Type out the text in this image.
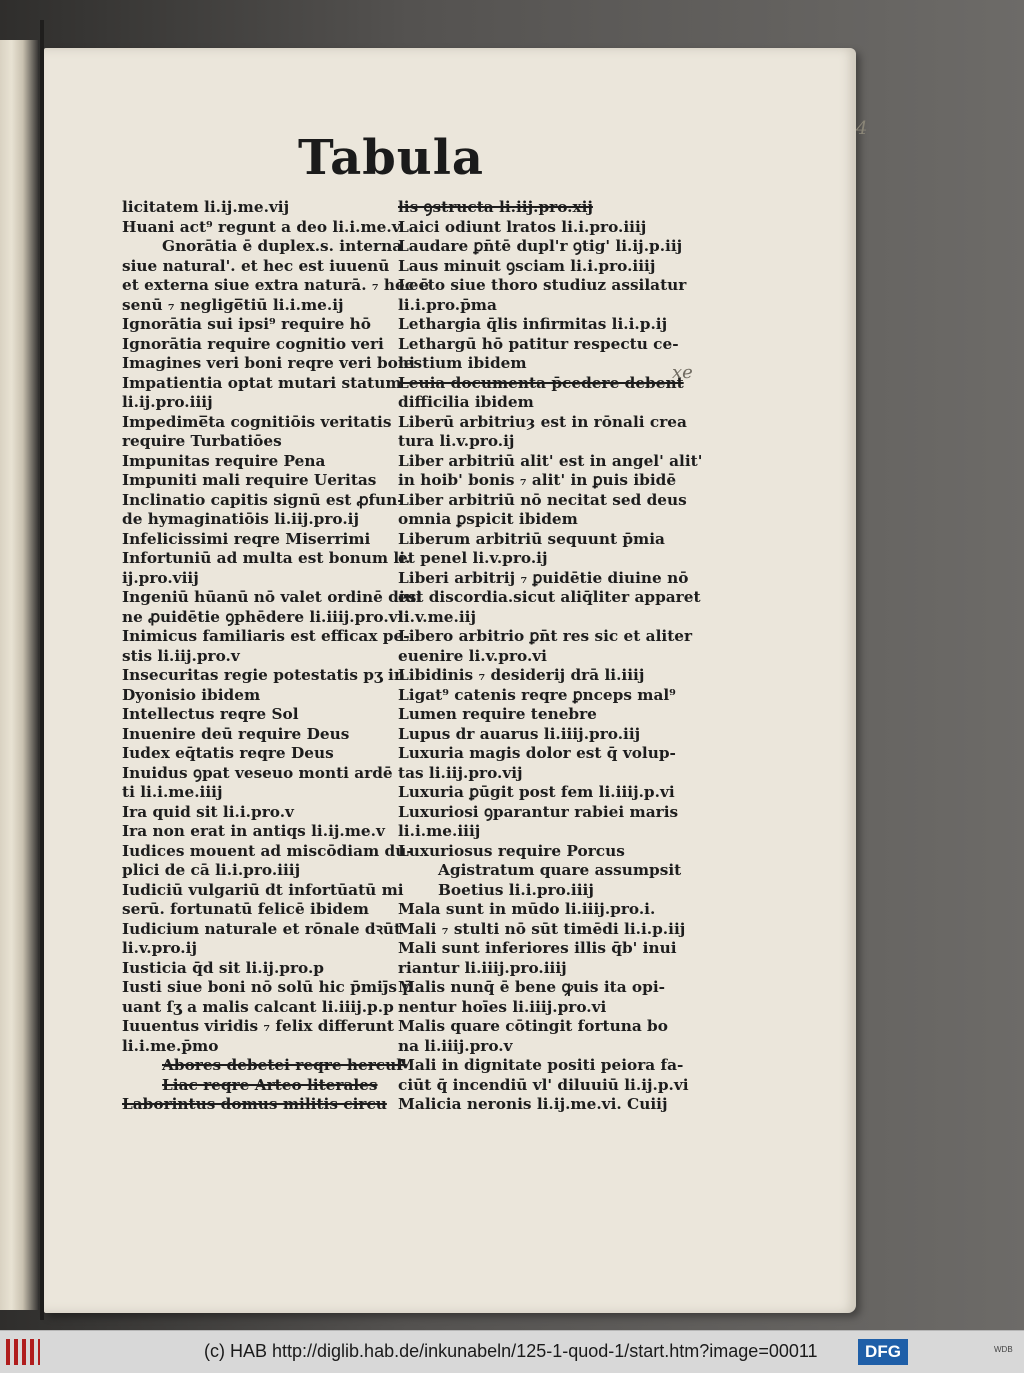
4
Tabula
licitatem li.ij.me.vij
Huani act⁹ regunt a deo li.i.me.v
Gnorātia ē duplex.s. interna
siue natural'. et hec est iuuenū
et externa siue extra naturā. ₇ hec ē
senū ₇ neglige̅tiū li.i.me.ij
Ignorātia sui ipsi⁹ require hō
Ignorātia require cognitio veri
Imagines veri boni reqre veri boni
Impatientia optat mutari statum
li.ij.pro.iiij
Impedime̅ta cognitiōis veritatis
require Turbatiōes
Impunitas require Pena
Impuniti mali require Ueritas
Inclinatio capitis signū est ꝓfun-
de hymaginatiōis li.iij.pro.ij
Infelicissimi reqre Miserrimi
Infortuniū ad multa est bonum li.
ij.pro.viij
Ingeniū hūanū nō valet ordinē diui
ne ꝓuidētie ꝯphēdere li.iiij.pro.vi
Inimicus familiaris est efficax pe-
stis li.iij.pro.v
Insecuritas regie potestatis pʒ in
Dyonisio ibidem
Intellectus reqre Sol
Inuenire deū require Deus
Iudex eq̄tatis reqre Deus
Inuidus ꝯpat veseuo monti ardē
ti li.i.me.iiij
Ira quid sit li.i.pro.v
Ira non erat in antiqs li.ij.me.v
Iudices mouent ad miscōdiam du-
plici de cā li.i.pro.iiij
Iudiciū vulgariū dt infortūatū mi
serū. fortunatū felicē ibidem
Iudicium naturale et rōnale dꝛūt
li.v.pro.ij
Iusticia q̄d sit li.ij.pro.p
Iusti siue boni nō solū hic p̄miȷ̄s p̄
uant ſʒ a malis calcant li.iiij.p.p
Iuuentus viridis ₇ felix differunt
li.i.me.p̄mo
Abores debetei reqre hercul'
Liac reqre Arteo literales
Laborintus domus militis circu
lis ꝯstructa li.iij.pro.xij
Laici odiunt lratos li.i.pro.iiij
Laudare ꝑn̄tē dupl'r ꝯtig' li.ij.p.iij
Laus minuit ꝯsciam li.i.pro.iiij
Lecto siue thoro studiuz assilatur
li.i.pro.p̄ma
Lethargia q̄lis infirmitas li.i.p.ij
Lethargū hō patitur respectu ce-
lestium ibidem
Leuia documenta p̄cedere debent
difficilia ibidem
Liberū arbitriuȝ est in rōnali crea
tura li.v.pro.ij
Liber arbitriū alit' est in angel' alit'
in hoib' bonis ₇ alit' in ꝑuis ibidē
Liber arbitriū nō necitat sed deus
omnia ꝑspicit ibidem
Liberum arbitriū sequunt p̄mia
et penel li.v.pro.ij
Liberi arbitrij ₇ ꝑuidētie diuine nō
est discordia.sicut aliq̄liter apparet
li.v.me.iij
Libero arbitrio ꝑn̄t res sic et aliter
euenire li.v.pro.vi
Libidinis ₇ desiderij drā li.iiij
Ligat⁹ catenis reqre ꝑnceps mal⁹
Lumen require tenebre
Lupus dr auarus li.iiij.pro.iij
Luxuria magis dolor est q̄ volup-
tas li.iij.pro.vij
Luxuria ꝑūgit post fem li.iiij.p.vi
Luxuriosi ꝯparantur rabiei maris
li.i.me.iiij
Luxuriosus require Porcus
Agistratum quare assumpsit
Boetius li.i.pro.iiij
Mala sunt in mūdo li.iiij.pro.i.
Mali ₇ stulti nō sūt timēdi li.i.p.iij
Mali sunt inferiores illis q̄b' inui
riantur li.iiij.pro.iiij
Malis nunq̄ ē bene ꝙuis ita opi-
nentur hoīes li.iiij.pro.vi
Malis quare cōtingit fortuna bo
na li.iiij.pro.v
Mali in dignitate positi peiora fa-
ciūt q̄ incendiū vl' diluuiū li.ij.p.vi
Malicia neronis li.ij.me.vi. Cuiij
xe
(c) HAB http://diglib.hab.de/inkunabeln/125-1-quod-1/start.htm?image=00011	DFG	WDB
